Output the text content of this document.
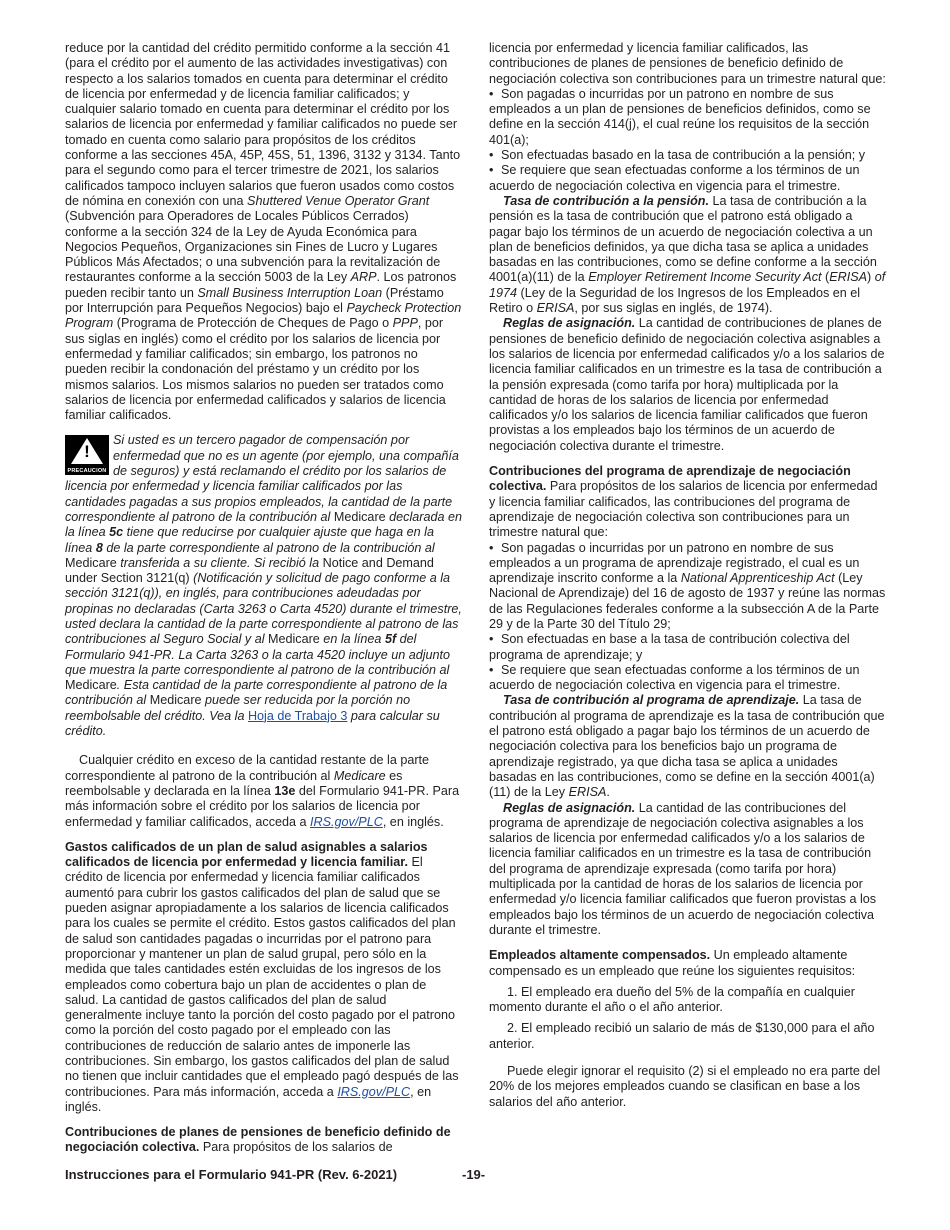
reduce por la cantidad del crédito permitido conforme a la sección 41 (para el crédito por el aumento de las actividades investigativas) con respecto a los salarios tomados en cuenta para determinar el crédito de licencia por enfermedad y de licencia familiar calificados; y cualquier salario tomado en cuenta para determinar el crédito por los salarios de licencia por enfermedad y familiar calificados no puede ser tomado en cuenta como salario para propósitos de los créditos conforme a las secciones 45A, 45P, 45S, 51, 1396, 3132 y 3134. Tanto para el segundo como para el tercer trimestre de 2021, los salarios calificados tampoco incluyen salarios que fueron usados como costos de nómina en conexión con una Shuttered Venue Operator Grant (Subvención para Operadores de Locales Públicos Cerrados) conforme a la sección 324 de la Ley de Ayuda Económica para Negocios Pequeños, Organizaciones sin Fines de Lucro y Lugares Públicos Más Afectados; o una subvención para la revitalización de restaurantes conforme a la sección 5003 de la Ley ARP. Los patronos pueden recibir tanto un Small Business Interruption Loan (Préstamo por Interrupción para Pequeños Negocios) bajo el Paycheck Protection Program (Programa de Protección de Cheques de Pago o PPP, por sus siglas en inglés) como el crédito por los salarios de licencia por enfermedad y familiar calificados; sin embargo, los patronos no pueden recibir la condonación del préstamo y un crédito por los mismos salarios. Los mismos salarios no pueden ser tratados como salarios de licencia por enfermedad calificados y salarios de licencia familiar calificados.

!
PRECAUCION

Si usted es un tercero pagador de compensación por enfermedad que no es un agente (por ejemplo, una compañía de seguros) y está reclamando el crédito por los salarios de licencia por enfermedad y licencia familiar calificados por las cantidades pagadas a sus propios empleados, la cantidad de la parte correspondiente al patrono de la contribución al Medicare declarada en la línea 5c tiene que reducirse por cualquier ajuste que haga en la línea 8 de la parte correspondiente al patrono de la contribución al Medicare transferida a su cliente. Si recibió la Notice and Demand under Section 3121(q) (Notificación y solicitud de pago conforme a la sección 3121(q)), en inglés, para contribuciones adeudadas por propinas no declaradas (Carta 3263 o Carta 4520) durante el trimestre, usted declara la cantidad de la parte correspondiente al patrono de las contribuciones al Seguro Social y al Medicare en la línea 5f del Formulario 941-PR. La Carta 3263 o la carta 4520 incluye un adjunto que muestra la parte correspondiente al patrono de la contribución al Medicare. Esta cantidad de la parte correspondiente al patrono de la contribución al Medicare puede ser reducida por la porción no reembolsable del crédito. Vea la Hoja de Trabajo 3 para calcular su crédito.

Cualquier crédito en exceso de la cantidad restante de la parte correspondiente al patrono de la contribución al Medicare es reembolsable y declarada en la línea 13e del Formulario 941-PR. Para más información sobre el crédito por los salarios de licencia por enfermedad y familiar calificados, acceda a IRS.gov/PLC, en inglés.

Gastos calificados de un plan de salud asignables a salarios calificados de licencia por enfermedad y licencia familiar. El crédito de licencia por enfermedad y licencia familiar calificados aumentó para cubrir los gastos calificados del plan de salud que se pueden asignar apropiadamente a los salarios de licencia calificados para los cuales se permite el crédito. Estos gastos calificados del plan de salud son cantidades pagadas o incurridas por el patrono para proporcionar y mantener un plan de salud grupal, pero sólo en la medida que tales cantidades estén excluidas de los ingresos de los empleados como cobertura bajo un plan de accidentes o plan de salud. La cantidad de gastos calificados del plan de salud generalmente incluye tanto la porción del costo pagado por el patrono como la porción del costo pagado por el empleado con las contribuciones de reducción de salario antes de imponerle las contribuciones. Sin embargo, los gastos calificados del plan de salud no tienen que incluir cantidades que el empleado pagó después de las contribuciones. Para más información, acceda a IRS.gov/PLC, en inglés.

Contribuciones de planes de pensiones de beneficio definido de negociación colectiva. Para propósitos de los salarios de

licencia por enfermedad y licencia familiar calificados, las contribuciones de planes de pensiones de beneficio definido de negociación colectiva son contribuciones para un trimestre natural que:

• Son pagadas o incurridas por un patrono en nombre de sus empleados a un plan de pensiones de beneficios definidos, como se define en la sección 414(j), el cual reúne los requisitos de la sección 401(a);

• Son efectuadas basado en la tasa de contribución a la pensión; y

• Se requiere que sean efectuadas conforme a los términos de un acuerdo de negociación colectiva en vigencia para el trimestre.

Tasa de contribución a la pensión. La tasa de contribución a la pensión es la tasa de contribución que el patrono está obligado a pagar bajo los términos de un acuerdo de negociación colectiva a un plan de beneficios definidos, ya que dicha tasa se aplica a unidades basadas en las contribuciones, como se define conforme a la sección 4001(a)(11) de la Employer Retirement Income Security Act (ERISA) of 1974 (Ley de la Seguridad de los Ingresos de los Empleados en el Retiro o ERISA, por sus siglas en inglés, de 1974).

Reglas de asignación. La cantidad de contribuciones de planes de pensiones de beneficio definido de negociación colectiva asignables a los salarios de licencia por enfermedad calificados y/o a los salarios de licencia familiar calificados en un trimestre es la tasa de contribución a la pensión expresada (como tarifa por hora) multiplicada por la cantidad de horas de los salarios de licencia por enfermedad calificados y/o los salarios de licencia familiar calificados que fueron provistas a los empleados bajo los términos de un acuerdo de negociación colectiva durante el trimestre.

Contribuciones del programa de aprendizaje de negociación colectiva. Para propósitos de los salarios de licencia por enfermedad y licencia familiar calificados, las contribuciones del programa de aprendizaje de negociación colectiva son contribuciones para un trimestre natural que:

• Son pagadas o incurridas por un patrono en nombre de sus empleados a un programa de aprendizaje registrado, el cual es un aprendizaje inscrito conforme a la National Apprenticeship Act (Ley Nacional de Aprendizaje) del 16 de agosto de 1937 y reúne las normas de las Regulaciones federales conforme a la subsección A de la Parte 29 y de la Parte 30 del Título 29;

• Son efectuadas en base a la tasa de contribución colectiva del programa de aprendizaje; y

• Se requiere que sean efectuadas conforme a los términos de un acuerdo de negociación colectiva en vigencia para el trimestre.

Tasa de contribución al programa de aprendizaje. La tasa de contribución al programa de aprendizaje es la tasa de contribución que el patrono está obligado a pagar bajo los términos de un acuerdo de negociación colectiva para los beneficios bajo un programa de aprendizaje registrado, ya que dicha tasa se aplica a unidades basadas en las contribuciones, como se define en la sección 4001(a)(11) de la Ley ERISA.

Reglas de asignación. La cantidad de las contribuciones del programa de aprendizaje de negociación colectiva asignables a los salarios de licencia por enfermedad calificados y/o a los salarios de licencia familiar calificados en un trimestre es la tasa de contribución del programa de aprendizaje expresada (como tarifa por hora) multiplicada por la cantidad de horas de los salarios de licencia por enfermedad y/o licencia familiar calificados que fueron provistas a los empleados bajo los términos de un acuerdo de negociación colectiva durante el trimestre.

Empleados altamente compensados. Un empleado altamente compensado es un empleado que reúne los siguientes requisitos:

1. El empleado era dueño del 5% de la compañía en cualquier momento durante el año o el año anterior.

2. El empleado recibió un salario de más de $130,000 para el año anterior.

Puede elegir ignorar el requisito (2) si el empleado no era parte del 20% de los mejores empleados cuando se clasifican en base a los salarios del año anterior.

Instrucciones para el Formulario 941-PR (Rev. 6-2021)	-19-
